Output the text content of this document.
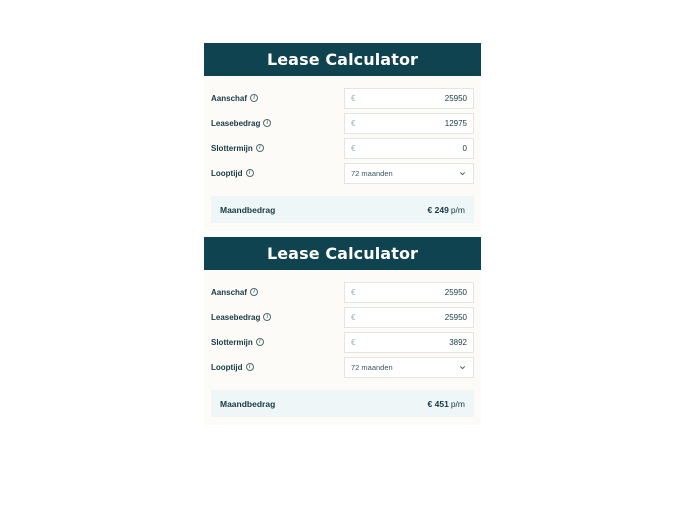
Lease Calculator
Aanschaf	i	€	25950
Leasebedrag	i	€	12975
Slottermijn	i	€	0
Looptijd	i	72 maanden
Maandbedrag	€ 249 p/m
Lease Calculator
Aanschaf	i	€	25950
Leasebedrag	i	€	25950
Slottermijn	i	€	3892
Looptijd	i	72 maanden
Maandbedrag	€ 451 p/m
